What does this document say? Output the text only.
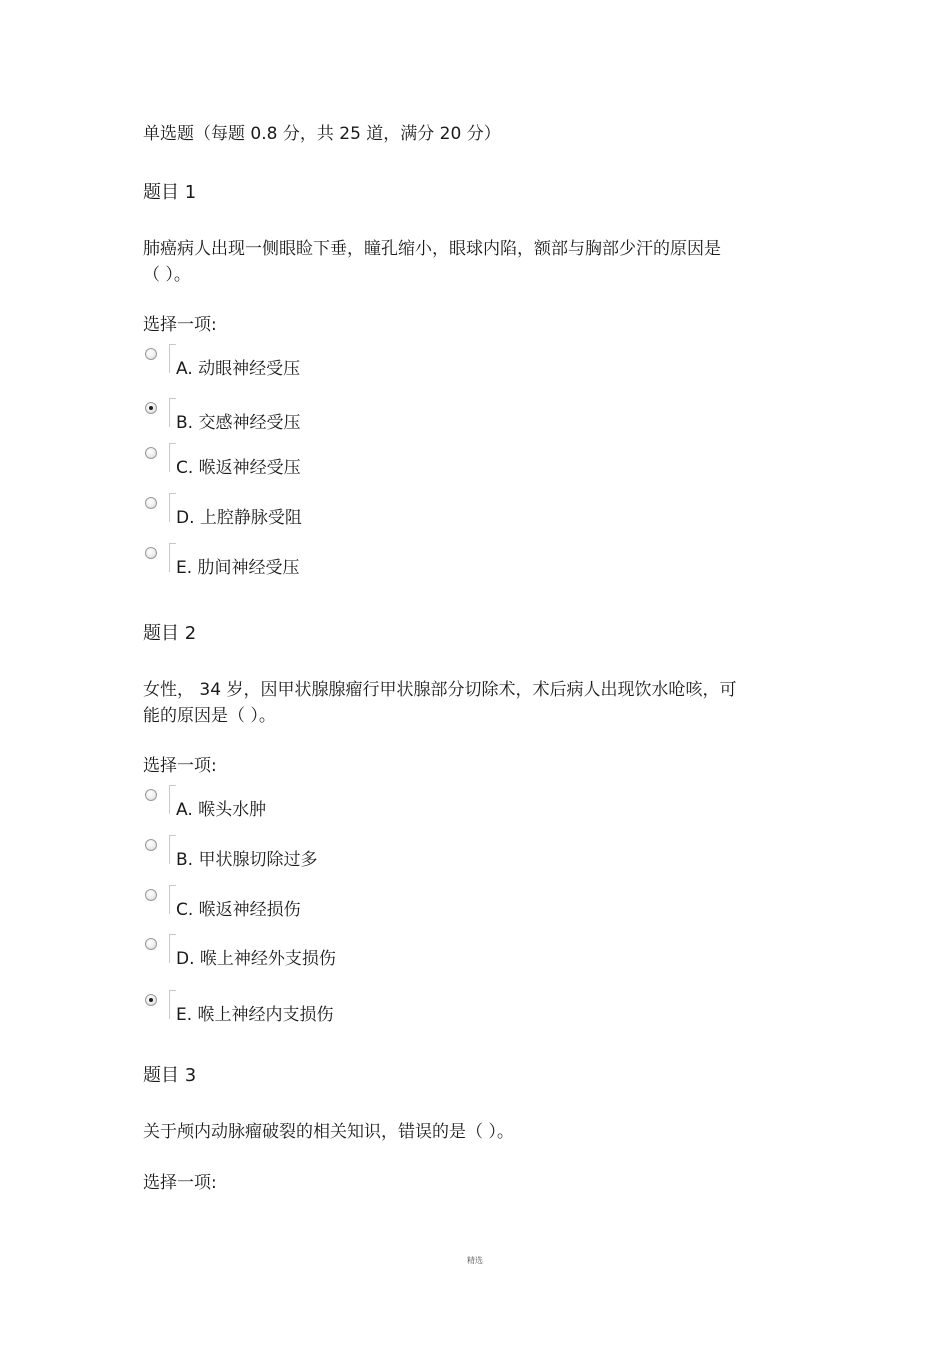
单选题（每题 0.8 分，共 25 道，满分 20 分）
题目 1
肺癌病人出现一侧眼睑下垂，瞳孔缩小，眼球内陷，额部与胸部少汗的原因是
（ ）。
选择一项:
A. 动眼神经受压
B. 交感神经受压
C. 喉返神经受压
D. 上腔静脉受阻
E. 肋间神经受压
题目 2
女性， 34 岁，因甲状腺腺瘤行甲状腺部分切除术，术后病人出现饮水呛咳，可
能的原因是（ ）。
选择一项:
A. 喉头水肿
B. 甲状腺切除过多
C. 喉返神经损伤
D. 喉上神经外支损伤
E. 喉上神经内支损伤
题目 3
关于颅内动脉瘤破裂的相关知识，错误的是（ ）。
选择一项:
精选
